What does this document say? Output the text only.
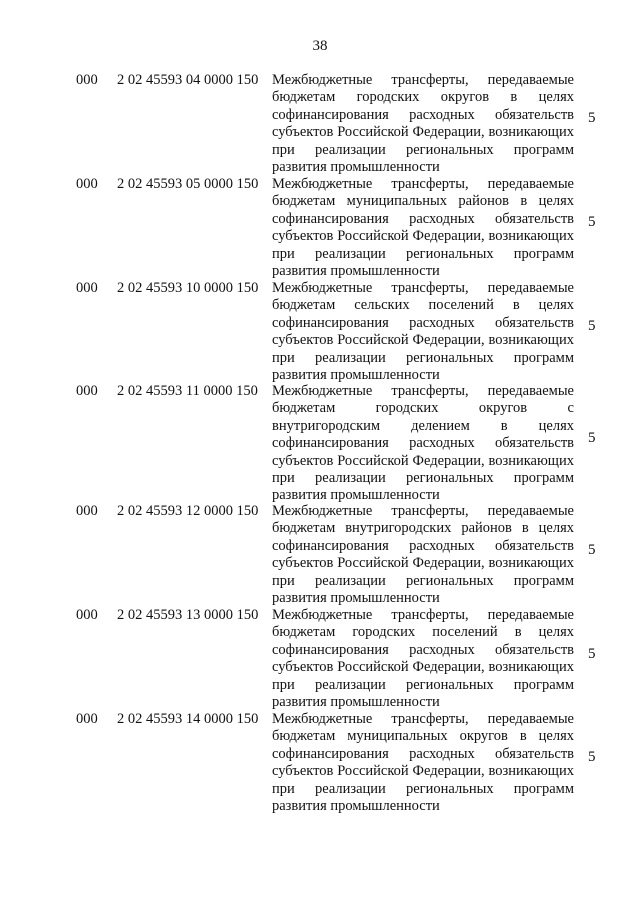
38
000 2 02 45593 04 0000 150 Межбюджетные трансферты, передаваемые бюджетам городских округов в целях софинансирования расходных обязательств субъектов Российской Федерации, возникающих при реализации региональных программ развития промышленности
5
000 2 02 45593 05 0000 150 Межбюджетные трансферты, передаваемые бюджетам муниципальных районов в целях софинансирования расходных обязательств субъектов Российской Федерации, возникающих при реализации региональных программ развития промышленности
5
000 2 02 45593 10 0000 150 Межбюджетные трансферты, передаваемые бюджетам сельских поселений в целях софинансирования расходных обязательств субъектов Российской Федерации, возникающих при реализации региональных программ развития промышленности
5
000 2 02 45593 11 0000 150 Межбюджетные трансферты, передаваемые бюджетам городских округов с внутригородским делением в целях софинансирования расходных обязательств субъектов Российской Федерации, возникающих при реализации региональных программ развития промышленности
5
000 2 02 45593 12 0000 150 Межбюджетные трансферты, передаваемые бюджетам внутригородских районов в целях софинансирования расходных обязательств субъектов Российской Федерации, возникающих при реализации региональных программ развития промышленности
5
000 2 02 45593 13 0000 150 Межбюджетные трансферты, передаваемые бюджетам городских поселений в целях софинансирования расходных обязательств субъектов Российской Федерации, возникающих при реализации региональных программ развития промышленности
5
000 2 02 45593 14 0000 150 Межбюджетные трансферты, передаваемые бюджетам муниципальных округов в целях софинансирования расходных обязательств субъектов Российской Федерации, возникающих при реализации региональных программ развития промышленности
5
